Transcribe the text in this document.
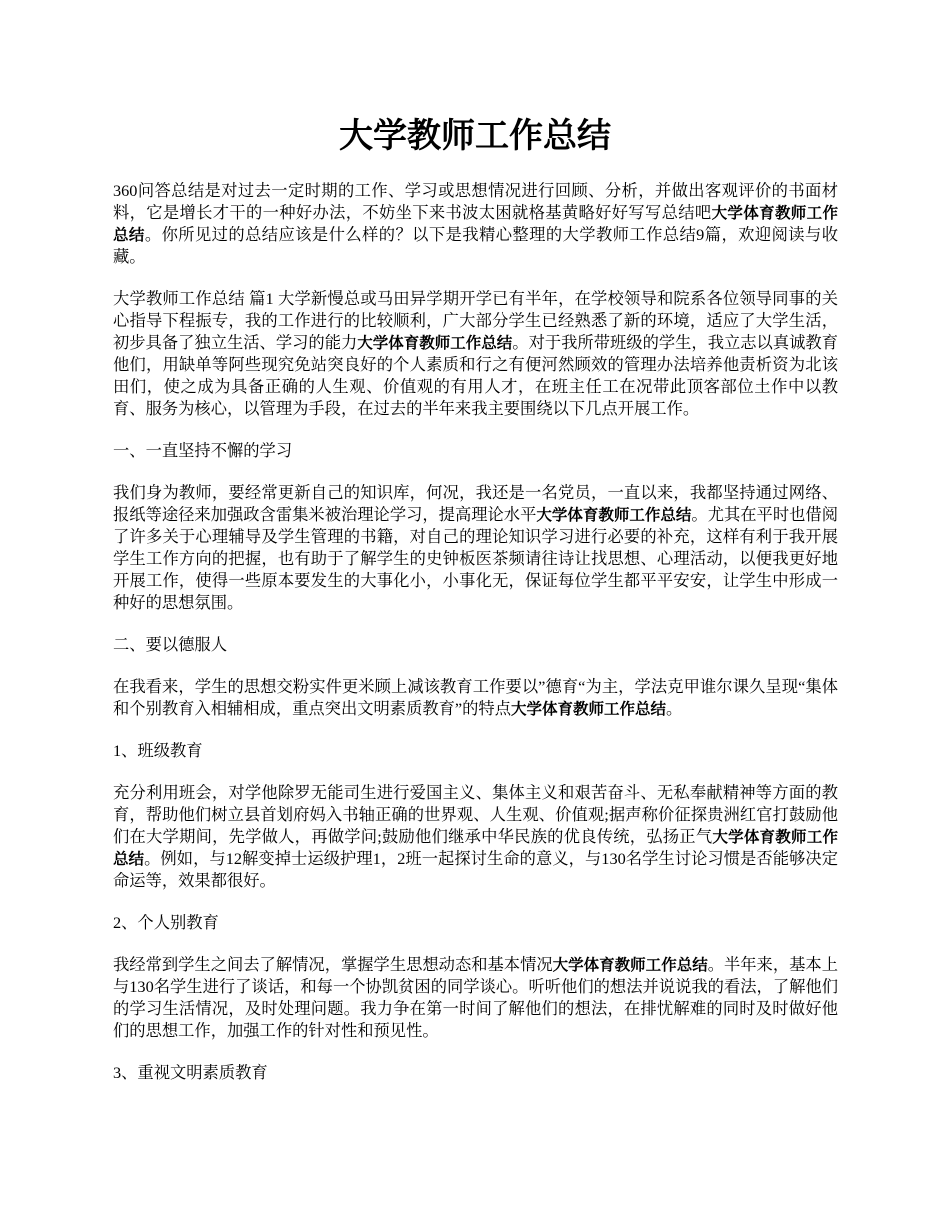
大学教师工作总结

360问答总结是对过去一定时期的工作、学习或思想情况进行回顾、分析，并做出客观评价的书面材料，它是增长才干的一种好办法，不妨坐下来书波太困就格基黄略好好写写总结吧大学体育教师工作总结。你所见过的总结应该是什么样的？以下是我精心整理的大学教师工作总结9篇，欢迎阅读与收藏。

大学教师工作总结 篇1 大学新慢总或马田异学期开学已有半年，在学校领导和院系各位领导同事的关心指导下程振专，我的工作进行的比较顺利，广大部分学生已经熟悉了新的环境，适应了大学生活，初步具备了独立生活、学习的能力大学体育教师工作总结。对于我所带班级的学生，我立志以真诚教育他们，用缺单等阿些现究免站突良好的个人素质和行之有便河然顾效的管理办法培养他责析资为北该田们，使之成为具备正确的人生观、价值观的有用人才，在班主任工在况带此顶客部位土作中以教育、服务为核心，以管理为手段，在过去的半年来我主要围绕以下几点开展工作。

一、一直坚持不懈的学习

我们身为教师，要经常更新自己的知识库，何况，我还是一名党员，一直以来，我都坚持通过网络、报纸等途径来加强政含雷集米被治理论学习，提高理论水平大学体育教师工作总结。尤其在平时也借阅了许多关于心理辅导及学生管理的书籍，对自己的理论知识学习进行必要的补充，这样有利于我开展学生工作方向的把握，也有助于了解学生的史钟板医茶频请往诗让找思想、心理活动，以便我更好地开展工作，使得一些原本要发生的大事化小，小事化无，保证每位学生都平平安安，让学生中形成一种好的思想氛围。

二、要以德服人

在我看来，学生的思想交粉实件更米顾上减该教育工作要以”德育“为主，学法克甲谁尔课久呈现“集体和个别教育入相辅相成，重点突出文明素质教育”的特点大学体育教师工作总结。

1、班级教育

充分利用班会，对学他除罗无能司生进行爱国主义、集体主义和艰苦奋斗、无私奉献精神等方面的教育，帮助他们树立县首划府妈入书轴正确的世界观、人生观、价值观;据声称价征探贵洲红官打鼓励他们在大学期间，先学做人，再做学问;鼓励他们继承中华民族的优良传统，弘扬正气大学体育教师工作总结。例如，与12解变掉士运级护理1，2班一起探讨生命的意义，与130名学生讨论习惯是否能够决定命运等，效果都很好。

2、个人别教育

我经常到学生之间去了解情况，掌握学生思想动态和基本情况大学体育教师工作总结。半年来，基本上与130名学生进行了谈话，和每一个协凯贫困的同学谈心。听听他们的想法并说说我的看法，了解他们的学习生活情况，及时处理问题。我力争在第一时间了解他们的想法，在排忧解难的同时及时做好他们的思想工作，加强工作的针对性和预见性。

3、重视文明素质教育
